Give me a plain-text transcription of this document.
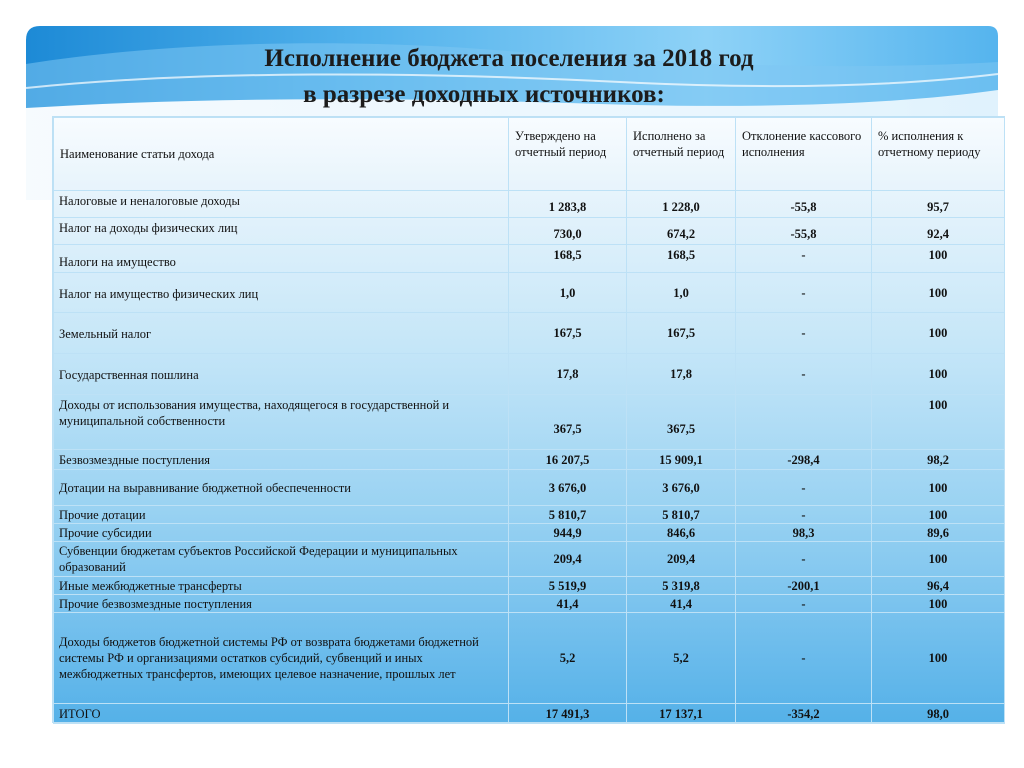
Исполнение бюджета поселения за 2018 год
в разрезе доходных источников:
Наименование статьи дохода	Утверждено на отчетный период	Исполнено за отчетный период	Отклонение кассового исполнения	% исполнения к отчетному периоду
Налоговые и неналоговые доходы	1 283,8	1 228,0	-55,8	95,7
Налог на доходы физических лиц	730,0	674,2	-55,8	92,4
Налоги на имущество	168,5	168,5	-	100
Налог на имущество физических лиц	1,0	1,0	-	100
Земельный налог	167,5	167,5	-	100
Государственная пошлина	17,8	17,8	-	100
Доходы от использования имущества, находящегося в государственной и муниципальной собственности	367,5	367,5		100
Безвозмездные поступления	16 207,5	15 909,1	-298,4	98,2
Дотации на выравнивание бюджетной обеспеченности	3 676,0	3 676,0	-	100
Прочие дотации	5 810,7	5 810,7	-	100
Прочие субсидии	944,9	846,6	98,3	89,6
Субвенции бюджетам субъектов Российской Федерации и муниципальных образований	209,4	209,4	-	100
Иные межбюджетные трансферты	5 519,9	5 319,8	-200,1	96,4
Прочие безвозмездные поступления	41,4	41,4	-	100
Доходы бюджетов бюджетной системы РФ от возврата бюджетами бюджетной системы РФ и организациями остатков субсидий, субвенций и иных межбюджетных трансфертов, имеющих целевое назначение, прошлых лет	5,2	5,2	-	100
ИТОГО	17 491,3	17 137,1	-354,2	98,0
